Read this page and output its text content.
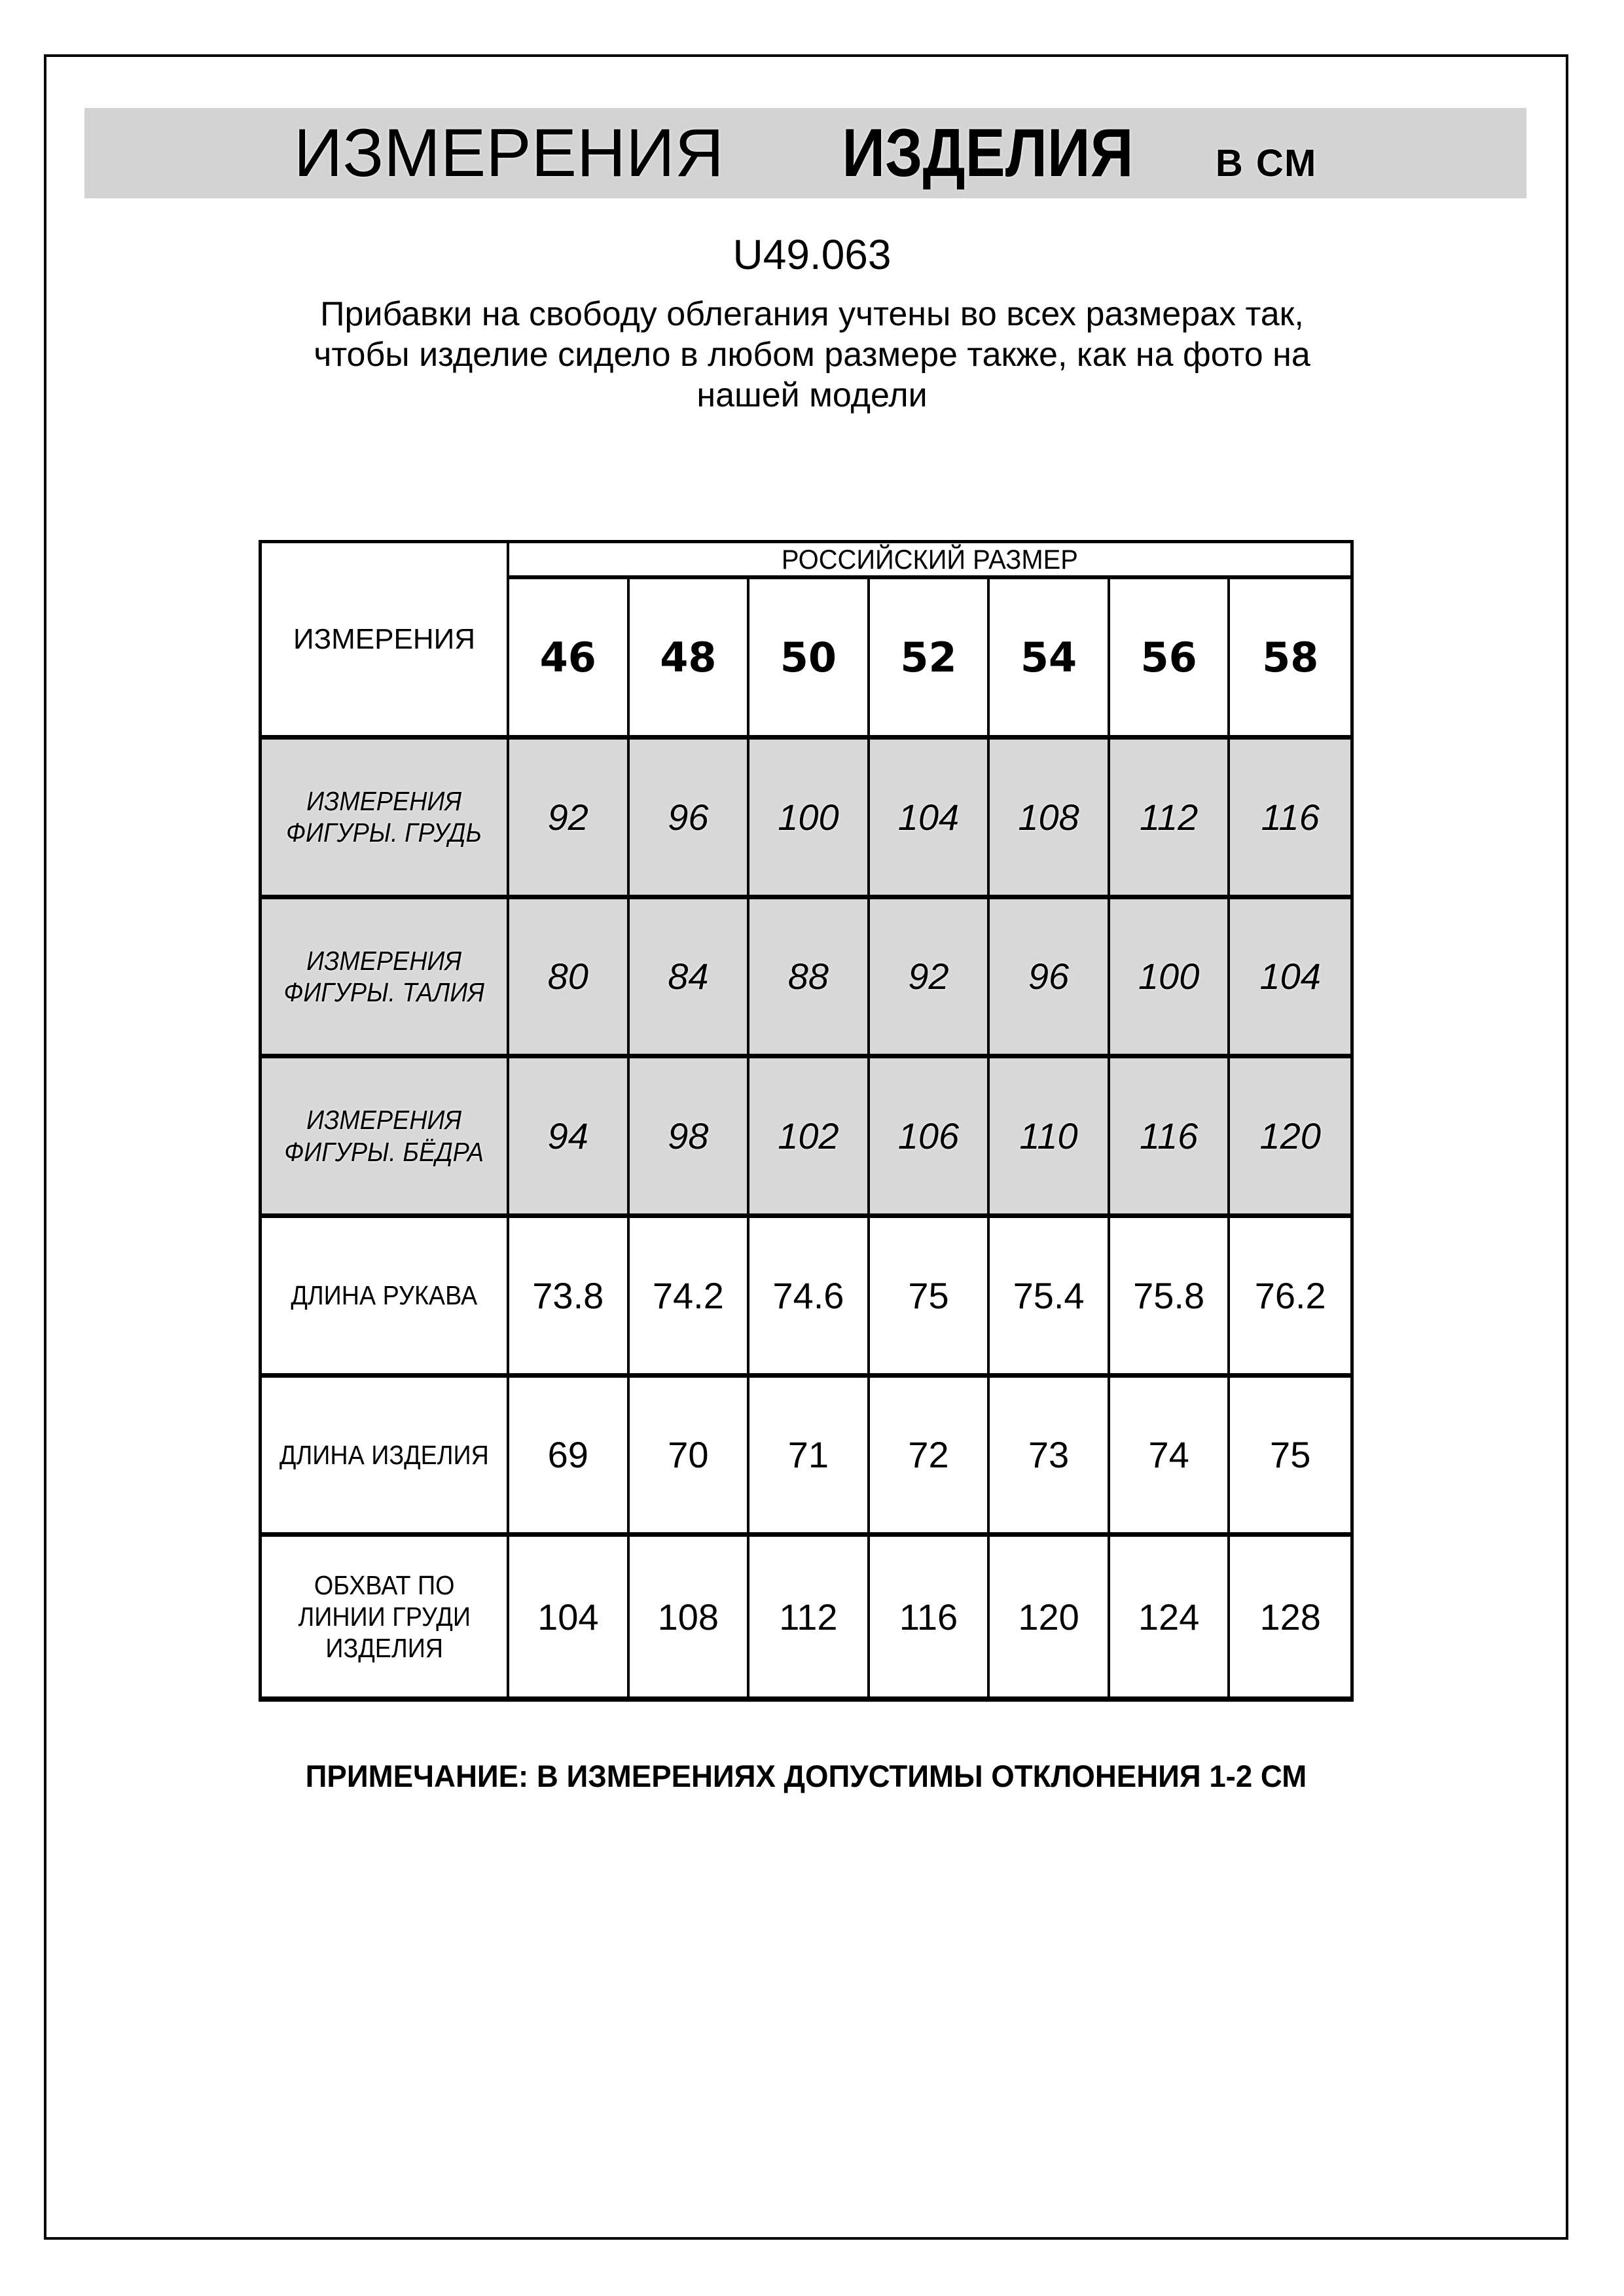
ИЗМЕРЕНИЯ ИЗДЕЛИЯ В СМ
U49.063
Прибавки на свободу облегания учтены во всех размерах так,
чтобы изделие сидело в любом размере также, как на фото на
нашей модели
ИЗМЕРЕНИЯ
РОССИЙСКИЙ РАЗМЕР
46	48	50	52	54	56	58
ИЗМЕРЕНИЯ
ФИГУРЫ. ГРУДЬ	92	96	100	104	108	112	116
ИЗМЕРЕНИЯ
ФИГУРЫ. ТАЛИЯ	80	84	88	92	96	100	104
ИЗМЕРЕНИЯ
ФИГУРЫ. БЁДРА	94	98	102	106	110	116	120
ДЛИНА РУКАВА	73.8	74.2	74.6	75	75.4	75.8	76.2
ДЛИНА ИЗДЕЛИЯ	69	70	71	72	73	74	75
ОБХВАТ ПО
ЛИНИИ ГРУДИ
ИЗДЕЛИЯ
104	108	112	116	120	124	128
ПРИМЕЧАНИЕ: В ИЗМЕРЕНИЯХ ДОПУСТИМЫ ОТКЛОНЕНИЯ 1-2 СМ
